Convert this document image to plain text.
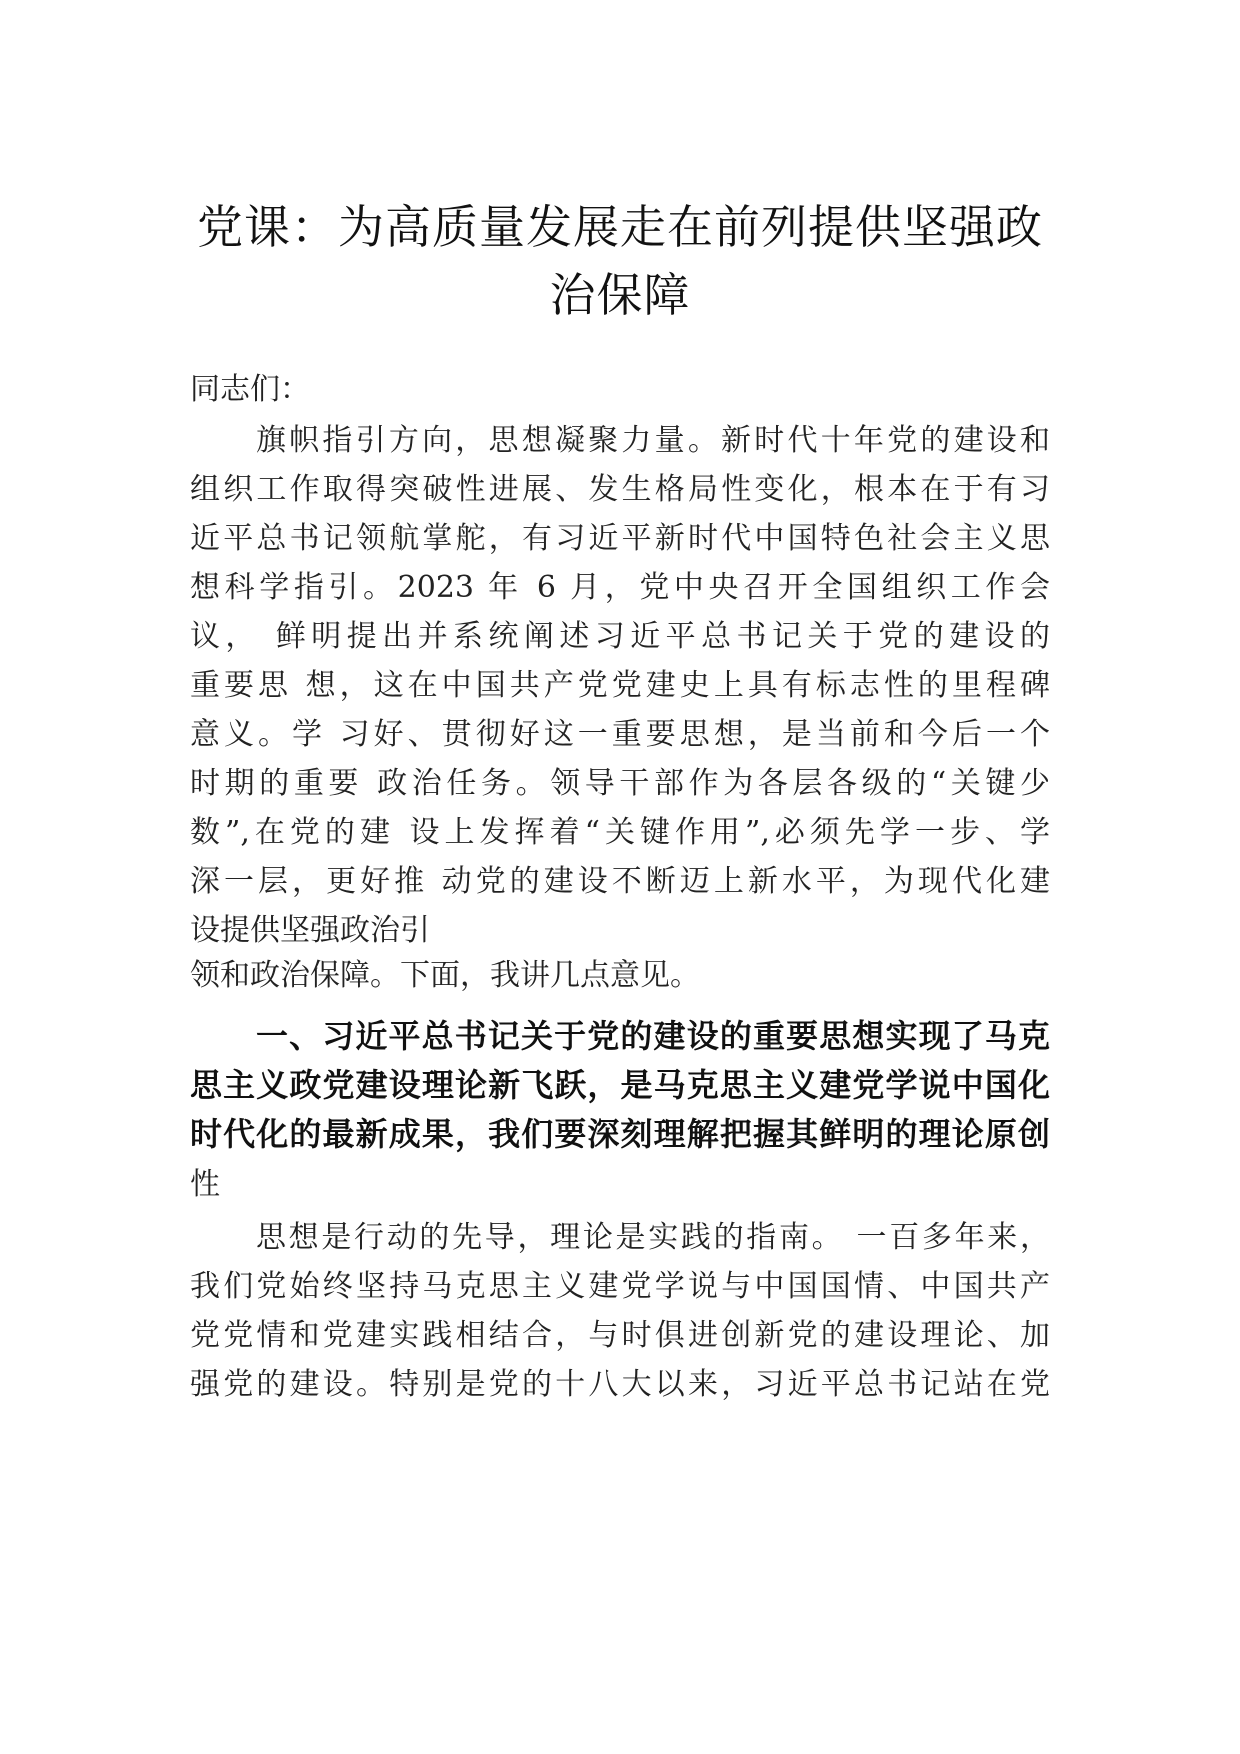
党课：为高质量发展走在前列提供坚强政
治保障
同志们：
旗帜指引方向，思想凝聚力量。新时代十年党的建设和
组织工作取得突破性进展、发生格局性变化，根本在于有习
近平总书记领航掌舵，有习近平新时代中国特色社会主义思
想科学指引。2023 年 6 月，党中央召开全国组织工作会
议， 鲜明提出并系统阐述习近平总书记关于党的建设的
重要思 想，这在中国共产党党建史上具有标志性的里程碑
意义。学 习好、贯彻好这一重要思想，是当前和今后一个
时期的重要 政治任务。领导干部作为各层各级的“关键少
数”,在党的建 设上发挥着“关键作用”,必须先学一步、学
深一层，更好推 动党的建设不断迈上新水平，为现代化建
设提供坚强政治引
领和政治保障。下面，我讲几点意见。
一、习近平总书记关于党的建设的重要思想实现了马克
思主义政党建设理论新飞跃，是马克思主义建党学说中国化
时代化的最新成果，我们要深刻理解把握其鲜明的理论原创
性
思想是行动的先导，理论是实践的指南。 一百多年来，
我们党始终坚持马克思主义建党学说与中国国情、中国共产
党党情和党建实践相结合，与时俱进创新党的建设理论、加
强党的建设。特别是党的十八大以来，习近平总书记站在党
